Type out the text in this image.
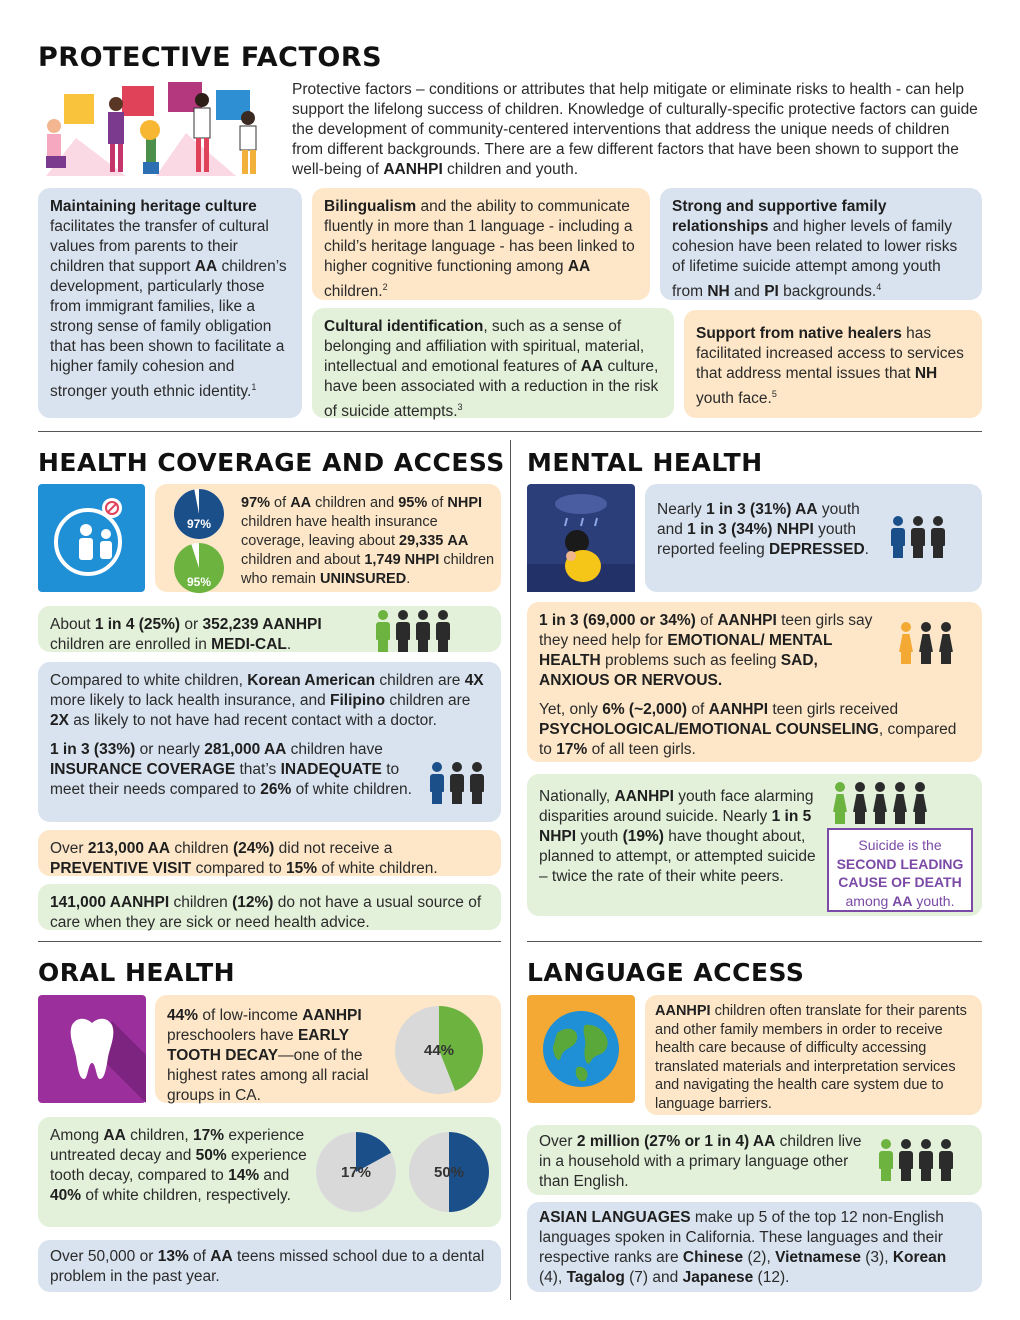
PROTECTIVE FACTORS

Protective factors – conditions or attributes that help mitigate or eliminate risks to health - can help support the lifelong success of children. Knowledge of culturally-specific protective factors can guide the development of community-centered interventions that address the unique needs of children from different backgrounds. There are a few different factors that have been shown to support the well-being of AANHPI children and youth.

Maintaining heritage culture facilitates the transfer of cultural values from parents to their children that support AA children’s development, particularly those from immigrant families, like a strong sense of family obligation that has been shown to facilitate a higher family cohesion and stronger youth ethnic identity.$^1$
Bilingualism and the ability to communicate fluently in more than 1 language - including a child’s heritage language - has been linked to higher cognitive functioning among AA children.$^2$
Strong and supportive family relationships and higher levels of family cohesion have been related to lower risks of lifetime suicide attempt among youth from NH and PI backgrounds.$^4$
Cultural identification, such as a sense of belonging and affiliation with spiritual, material, intellectual and emotional features of AA culture, have been associated with a reduction in the risk of suicide attempts.$^3$
Support from native healers has facilitated increased access to services that address mental issues that NH youth face.$^5$
HEALTH COVERAGE AND ACCESS
97%
95%

97% of AA children and 95% of NHPI children have health insurance coverage, leaving about 29,335 AA children and about 1,749 NHPI children who remain UNINSURED.

About 1 in 4 (25%) or 352,239 AANHPI children are enrolled in MEDI-CAL.

Compared to white children, Korean American children are 4X more likely to lack health insurance, and Filipino children are 2X as likely to not have had recent contact with a doctor.

1 in 3 (33%) or nearly 281,000 AA children have INSURANCE COVERAGE that’s INADEQUATE to meet their needs compared to 26% of white children.

Over 213,000 AA children (24%) did not receive a PREVENTIVE VISIT compared to 15% of white children.
141,000 AANHPI children (12%) do not have a usual source of care when they are sick or need health advice.
MENTAL HEALTH

Nearly 1 in 3 (31%) AA youth and 1 in 3 (34%) NHPI youth reported feeling DEPRESSED.

1 in 3 (69,000 or 34%) of AANHPI teen girls say they need help for EMOTIONAL/ MENTAL HEALTH problems such as feeling SAD, ANXIOUS OR NERVOUS.

Yet, only 6% (~2,000) of AANHPI teen girls received PSYCHOLOGICAL/EMOTIONAL COUNSELING, compared to 17% of all teen girls.

Nationally, AANHPI youth face alarming disparities around suicide. Nearly 1 in 5 NHPI youth (19%) have thought about, planned to attempt, or attempted suicide – twice the rate of their white peers.

Suicide is the
SECOND LEADING CAUSE OF DEATH
among AA youth.
ORAL HEALTH

44% of low-income AANHPI preschoolers have EARLY TOOTH DECAY—one of the highest rates among all racial groups in CA.

44%

Among AA children, 17% experience untreated decay and 50% experience tooth decay, compared to 14% and 40% of white children, respectively.

17%	50%
Over 50,000 or 13% of AA teens missed school due to a dental problem in the past year.
LANGUAGE ACCESS
AANHPI children often translate for their parents and other family members in order to receive health care because of difficulty accessing translated materials and interpretation services and navigating the health care system due to language barriers.

Over 2 million (27% or 1 in 4) AA children live in a household with a primary language other than English.

ASIAN LANGUAGES make up 5 of the top 12 non-English languages spoken in California. These languages and their respective ranks are Chinese (2), Vietnamese (3), Korean (4), Tagalog (7) and Japanese (12).
